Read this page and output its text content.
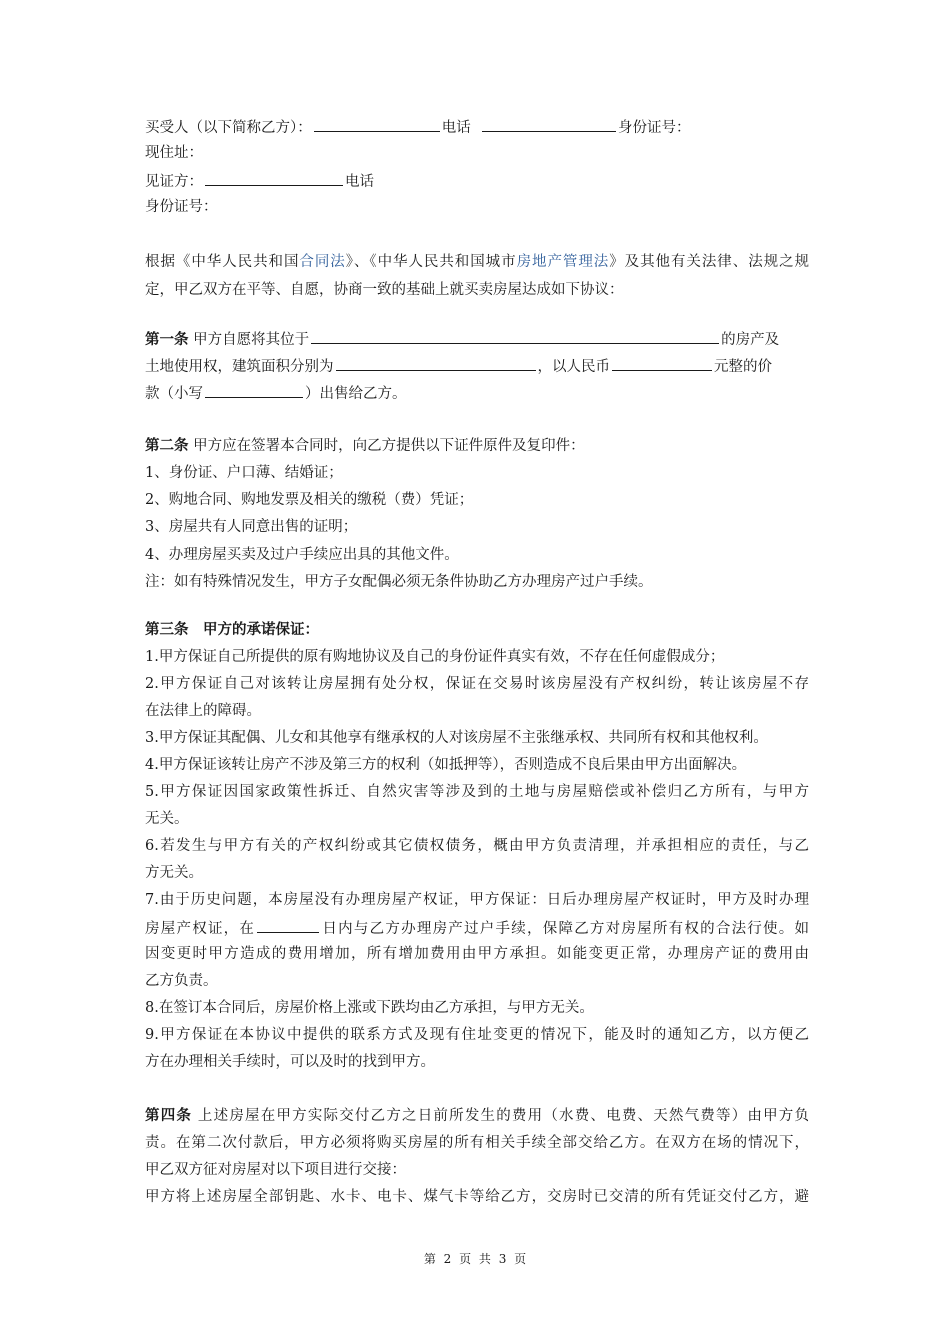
买受人（以下简称乙方）：	电话	身份证号：
现住址：
见证方：	电话
身份证号：
根据《中华人民共和国合同法》、《中华人民共和国城市房地产管理法》及其他有关法律、法规之规
定，甲乙双方在平等、自愿，协商一致的基础上就买卖房屋达成如下协议：
第一条 甲方自愿将其位于	的房产及
土地使用权，建筑面积分别为	，以人民币	元整的价
款（小写	）出售给乙方。
第二条 甲方应在签署本合同时，向乙方提供以下证件原件及复印件：
1、身份证、户口薄、结婚证；
2、购地合同、购地发票及相关的缴税（费）凭证；
3、房屋共有人同意出售的证明；
4、办理房屋买卖及过户手续应出具的其他文件。
注：如有特殊情况发生，甲方子女配偶必须无条件协助乙方办理房产过户手续。
第三条　甲方的承诺保证：
1.甲方保证自己所提供的原有购地协议及自己的身份证件真实有效，不存在任何虚假成分；
2.甲方保证自己对该转让房屋拥有处分权，保证在交易时该房屋没有产权纠纷，转让该房屋不存
在法律上的障碍。
3.甲方保证其配偶、儿女和其他享有继承权的人对该房屋不主张继承权、共同所有权和其他权利。
4.甲方保证该转让房产不涉及第三方的权利（如抵押等），否则造成不良后果由甲方出面解决。
5.甲方保证因国家政策性拆迁、自然灾害等涉及到的土地与房屋赔偿或补偿归乙方所有，与甲方
无关。
6.若发生与甲方有关的产权纠纷或其它债权债务，概由甲方负责清理，并承担相应的责任，与乙
方无关。
7.由于历史问题，本房屋没有办理房屋产权证，甲方保证：日后办理房屋产权证时，甲方及时办理
房屋产权证，在	日内与乙方办理房产过户手续，保障乙方对房屋所有权的合法行使。如
因变更时甲方造成的费用增加，所有增加费用由甲方承担。如能变更正常，办理房产证的费用由
乙方负责。
8.在签订本合同后，房屋价格上涨或下跌均由乙方承担，与甲方无关。
9.甲方保证在本协议中提供的联系方式及现有住址变更的情况下，能及时的通知乙方，以方便乙
方在办理相关手续时，可以及时的找到甲方。
第四条 上述房屋在甲方实际交付乙方之日前所发生的费用（水费、电费、天然气费等）由甲方负
责。在第二次付款后，甲方必须将购买房屋的所有相关手续全部交给乙方。在双方在场的情况下，
甲乙双方征对房屋对以下项目进行交接：
甲方将上述房屋全部钥匙、水卡、电卡、煤气卡等给乙方，交房时已交清的所有凭证交付乙方，避
第 2 页 共 3 页
